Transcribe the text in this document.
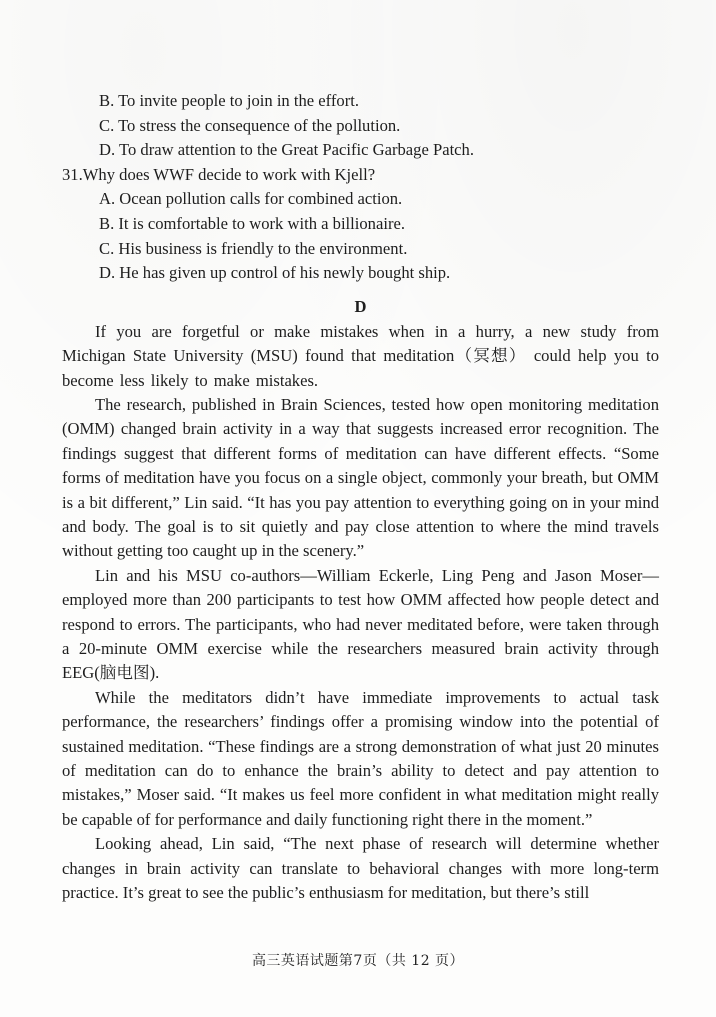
B. To invite people to join in the effort.
C. To stress the consequence of the pollution.
D. To draw attention to the Great Pacific Garbage Patch.
31.Why does WWF decide to work with Kjell?
A. Ocean pollution calls for combined action.
B. It is comfortable to work with a billionaire.
C. His business is friendly to the environment.
D. He has given up control of his newly bought ship.
D

If you are forgetful or make mistakes when in a hurry, a new study from Michigan State University (MSU) found that meditation（冥想） could help you to become less likely to make mistakes.

The research, published in Brain Sciences, tested how open monitoring meditation (OMM) changed brain activity in a way that suggests increased error recognition. The findings suggest that different forms of meditation can have different effects. “Some forms of meditation have you focus on a single object, commonly your breath, but OMM is a bit different,” Lin said. “It has you pay attention to everything going on in your mind and body. The goal is to sit quietly and pay close attention to where the mind travels without getting too caught up in the scenery.”

Lin and his MSU co-authors—William Eckerle, Ling Peng and Jason Moser—employed more than 200 participants to test how OMM affected how people detect and respond to errors. The participants, who had never meditated before, were taken through a 20-minute OMM exercise while the researchers measured brain activity through EEG(脑电图).

While the meditators didn’t have immediate improvements to actual task performance, the researchers’ findings offer a promising window into the potential of sustained meditation. “These findings are a strong demonstration of what just 20 minutes of meditation can do to enhance the brain’s ability to detect and pay attention to mistakes,” Moser said. “It makes us feel more confident in what meditation might really be capable of for performance and daily functioning right there in the moment.”

Looking ahead, Lin said, “The next phase of research will determine whether changes in brain activity can translate to behavioral changes with more long-term practice. It’s great to see the public’s enthusiasm for meditation, but there’s still

高三英语试题第7页（共 12 页）
